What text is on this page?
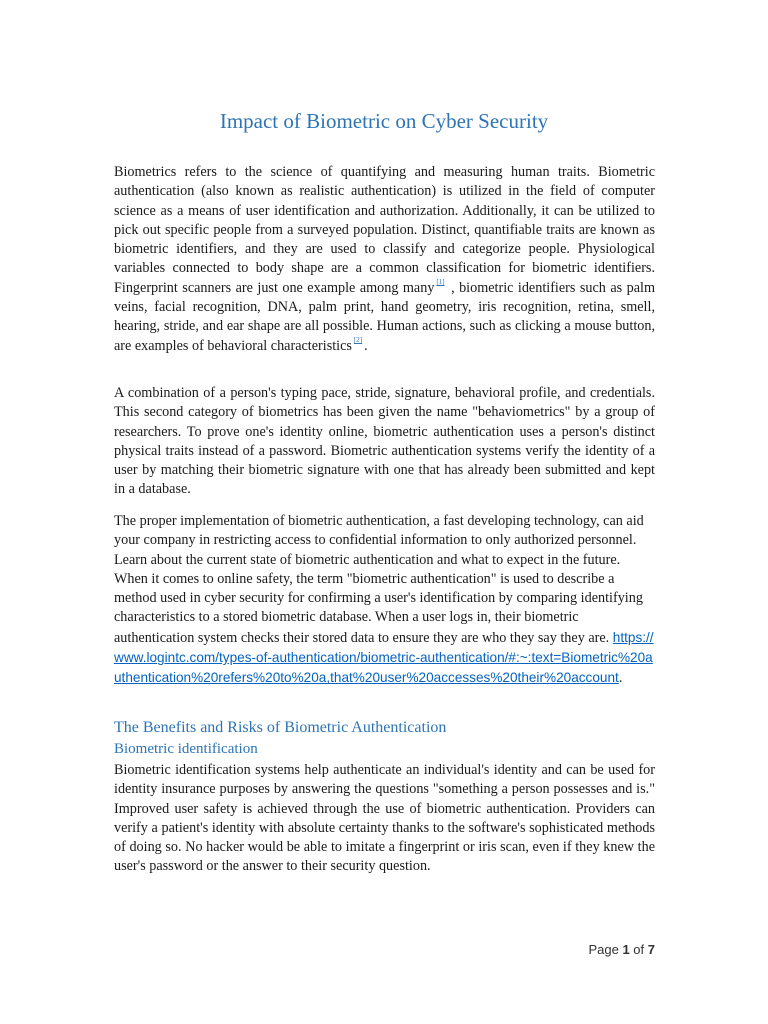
Impact of Biometric on Cyber Security

Biometrics refers to the science of quantifying and measuring human traits. Biometric authentication (also known as realistic authentication) is utilized in the field of computer science as a means of user identification and authorization. Additionally, it can be utilized to pick out specific people from a surveyed population. Distinct, quantifiable traits are known as biometric identifiers, and they are used to classify and categorize people. Physiological variables connected to body shape are a common classification for biometric identifiers. Fingerprint scanners are just one example among many [1] , biometric identifiers such as palm veins, facial recognition, DNA, palm print, hand geometry, iris recognition, retina, smell, hearing, stride, and ear shape are all possible. Human actions, such as clicking a mouse button, are examples of behavioral characteristics [2] .

A combination of a person's typing pace, stride, signature, behavioral profile, and credentials. This second category of biometrics has been given the name "behaviometrics" by a group of researchers. To prove one's identity online, biometric authentication uses a person's distinct physical traits instead of a password. Biometric authentication systems verify the identity of a user by matching their biometric signature with one that has already been submitted and kept in a database.

The proper implementation of biometric authentication, a fast developing technology, can aid your company in restricting access to confidential information to only authorized personnel. Learn about the current state of biometric authentication and what to expect in the future. When it comes to online safety, the term "biometric authentication" is used to describe a method used in cyber security for confirming a user's identification by comparing identifying characteristics to a stored biometric database. When a user logs in, their biometric authentication system checks their stored data to ensure they are who they say they are. https://www.logintc.com/types-of-authentication/biometric-authentication/#:~:text=Biometric%20authentication%20refers%20to%20a,that%20user%20accesses%20their%20account.

The Benefits and Risks of Biometric Authentication
Biometric identification

Biometric identification systems help authenticate an individual's identity and can be used for identity insurance purposes by answering the questions "something a person possesses and is." Improved user safety is achieved through the use of biometric authentication. Providers can verify a patient's identity with absolute certainty thanks to the software's sophisticated methods of doing so. No hacker would be able to imitate a fingerprint or iris scan, even if they knew the user's password or the answer to their security question.

Page 1 of 7
